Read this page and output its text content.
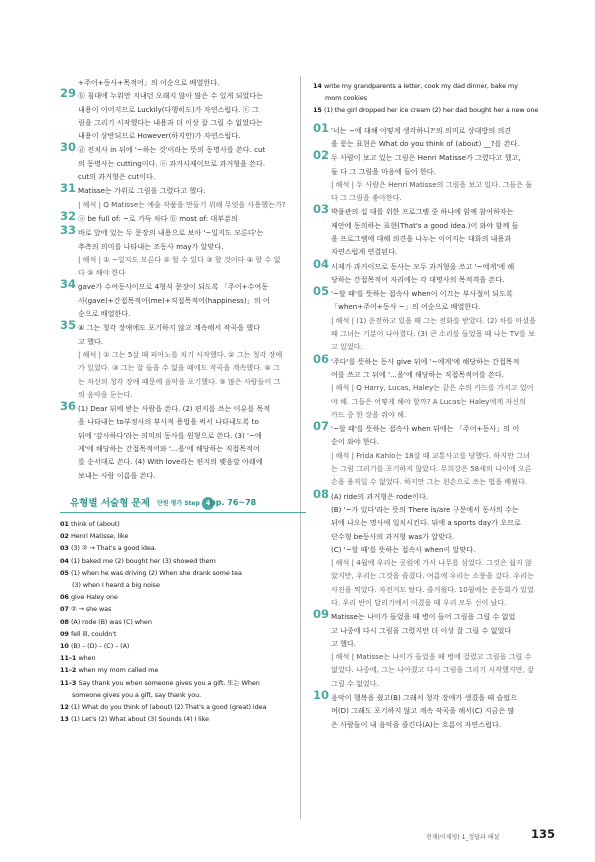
+주어+동사+목적어」의 어순으로 배열한다.
29 ⓑ 침대에 누워만 지내던 오래지 않아 많은 수 있게 되었다는
내용이 이어지므로 Luckily(다행히도)가 자연스럽다. ⓒ 그
림을 그리기 시작했다는 내용과 더 이상 잘 그릴 수 없었다는
내용이 상반되므로 However(하지만)가 자연스럽다.
30 ⓓ 전치사 in 뒤에 '~하는 것'이라는 뜻의 동명사를 쓴다. cut
의 동명사는 cutting이다. ⓔ 과거시제이므로 과거형을 쓴다.
cut의 과거형은 cut이다.
31 Matisse는 가위로 그림을 그렸다고 했다.
| 해석 | Q Matisse는 예술 작품을 만들기 위해 무엇을 사용했는가?
32 ⓐ be full of: ~로 가득 차다 ⓑ most of: 대부분의
33 바로 앞에 있는 두 문장의 내용으로 보아 '~일지도 모른다'는
추측의 의미를 나타내는 조동사 may가 알맞다.
| 해석 | ① ~일지도 모른다 ② 할 수 있다 ③ 할 것이다 ④ 할 수 없
다 ⑤ 해야 한다
34 gave가 수여동사이므로 4형식 문장이 되도록 「주어+수여동
사(gave)+간접목적어(me)+직접목적어(happiness)」의 어
순으로 배열한다.
35 ④ 그는 청각 장애에도 포기하지 않고 계속해서 작곡을 했다
고 했다.
| 해석 | ① 그는 5살 때 피아노를 치기 시작했다. ② 그는 청각 장애
가 있었다. ③ 그는 잘 들을 수 없을 때에도 작곡을 계속했다. ④ 그
는 자신의 청각 장애 때문에 음악을 포기했다. ⑤ 많은 사람들이 그
의 음악을 듣는다.
36 (1) Dear 뒤에 받는 사람을 쓴다. (2) 편지를 쓰는 이유를 목적
을 나타내는 to부정사의 부사적 용법을 써서 나타내도록 to
뒤에 '감사하다'라는 의미의 동사를 원형으로 쓴다. (3) '~에
게'에 해당하는 간접목적어와 '…을'에 해당하는 직접목적어
를 순서대로 쓴다. (4) With love라는 편지의 맺음말 아래에
보내는 사람 이름을 쓴다.
유형별 서술형 문제 단원 평가 Step 4 pp. 76~78
01 think of (about)
02 Henri Matisse, like
03 (3) ② → That's a good idea.
04 (1) baked me (2) bought her (3) showed them
05 (1) when he was driving (2) When she drank some tea
(3) when I heard a big noise
06 give Haley one
07 ② → she was
08 (A) rode (B) was (C) when
09 fell ill, couldn't
10 (B) – (D) – (C) – (A)
11–1 when
11–2 when my mom called me
11–3 Say thank you when someone gives you a gift. 또는 When
someone gives you a gift, say thank you.
12 (1) What do you think of (about) (2) That's a good (great) idea
13 (1) Let's (2) What about (3) Sounds (4) I like
14 write my grandparents a letter, cook my dad dinner, bake my
mom cookies
15 (1) the girl dropped her ice cream (2) her dad bought her a new one
01 '너는 ~에 대해 어떻게 생각하니?'의 의미로 상대방의 의견
을 묻는 표현은 What do you think of (about) __?를 쓴다.
02 두 사람이 보고 있는 그림은 Henri Matisse가 그렸다고 했고,
둘 다 그 그림을 마음에 들어 한다.
| 해석 | 두 사람은 Henri Matisse의 그림을 보고 있다. 그들은 둘
다 그 그림을 좋아한다.
03 박물관의 십 대를 위한 프로그램 중 하나에 함께 참여하자는
제안에 동의하는 표현(That's a good idea.)이 와야 함께 들
을 프로그램에 대해 의견을 나누는 이어지는 대화의 내용과
자연스럽게 연결된다.
04 시제가 과거이므로 동사는 모두 과거형을 쓰고 '~에게'에 해
당하는 간접목적어 자리에는 각 대명사의 목적격을 쓴다.
05 '~할 때'를 뜻하는 접속사 when이 이끄는 부사절이 되도록
「when+주어+동사 ~」의 어순으로 배열한다.
| 해석 | (1) 운전하고 있을 때 그는 전화를 받았다. (2) 차를 마셨을
때 그녀는 기분이 나아졌다. (3) 큰 소리를 들었을 때 나는 TV를 보
고 있었다.
06 '주다'를 뜻하는 동사 give 뒤에 '~에게'에 해당하는 간접목적
어를 쓰고 그 뒤에 '…을'에 해당하는 직접목적어를 쓴다.
| 해석 | Q Harry, Lucas, Haley는 같은 수의 카드를 가지고 있어
야 해. 그들은 어떻게 해야 할까? A Lucas는 Haley에게 자신의
카드 중 한 장을 줘야 해.
07 '~할 때'를 뜻하는 접속사 when 뒤에는 「주어+동사」의 어
순이 와야 한다.
| 해석 | Frida Kahlo는 18살 때 교통사고를 당했다. 하지만 그녀
는 그림 그리기를 포기하지 않았다. 무희강은 58세의 나이에 오른
손을 움직일 수 없었다. 하지만 그는 왼손으로 쓰는 법을 배웠다.
08 (A) ride의 과거형은 rode이다.
(B) '~가 있다'라는 뜻의 There is/are 구문에서 동사의 수는
뒤에 나오는 명사에 일치시킨다. 뒤에 a sports day가 오므로
단수형 be동사의 과거형 was가 알맞다.
(C) '~할 때'를 뜻하는 접속사 when이 알맞다.
| 해석 | 4월에 우리는 공원에 가서 나무를 심었다. 그것은 쉽지 않
았지만, 우리는 그것을 즐겼다. 여름에 우리는 소풍을 갔다. 우리는
사진을 찍었다. 자전거도 탔다. 즐거웠다. 10월에는 운동회가 있었
다. 우리 반이 달리기에서 이겼을 때 우리 모두 신이 났다.
09 Matisse는 나이가 들었을 때 병이 들어 그림을 그릴 수 없었
고 나중에 다시 그림을 그렸지만 더 이상 잘 그릴 수 없었다
고 했다.
| 해석 | Matisse는 나이가 들었을 때 병에 걸렸고 그림을 그릴 수
없었다. 나중에, 그는 나아졌고 다시 그림을 그리기 시작했지만, 잘
그릴 수 없었다.
10 음악이 행복을 줬고(B) 그래서 청각 장애가 생겼을 때 슬펐으
며(D) 그래도 포기하지 않고 계속 작곡을 해서(C) 지금은 많
은 사람들이 내 음악을 즐긴다(A)는 흐름이 자연스럽다.
천재(이재영) 1_정답과 해설	135
